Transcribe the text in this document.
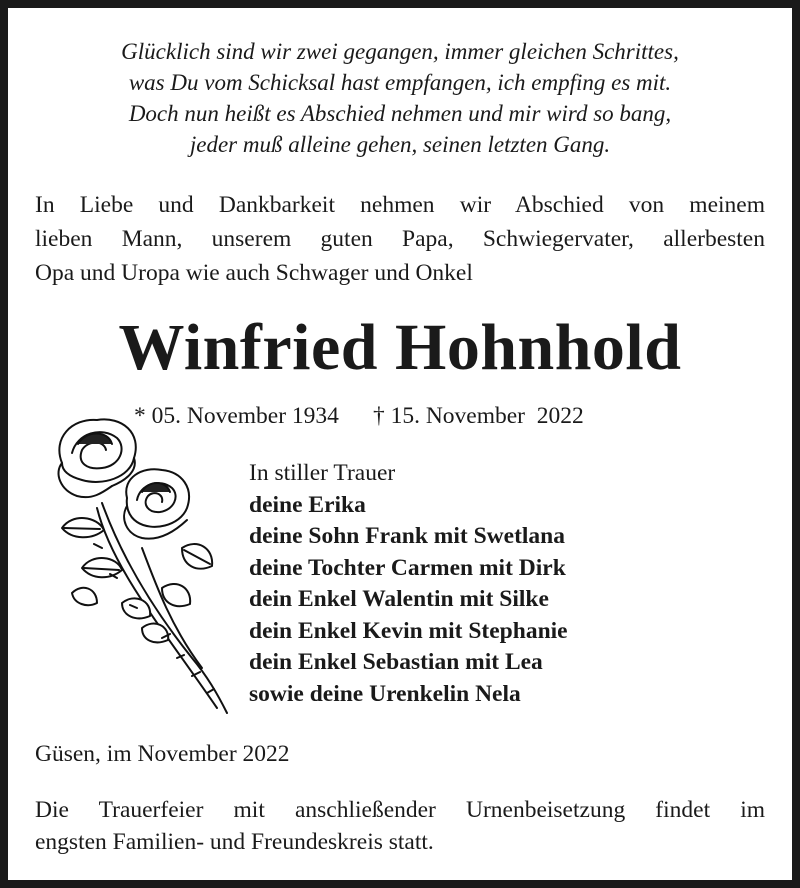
Glücklich sind wir zwei gegangen, immer gleichen Schrittes,
was Du vom Schicksal hast empfangen, ich empfing es mit.
Doch nun heißt es Abschied nehmen und mir wird so bang,
jeder muß alleine gehen, seinen letzten Gang.
In Liebe und Dankbarkeit nehmen wir Abschied von meinem
lieben Mann, unserem guten Papa, Schwiegervater, allerbesten
Opa und Uropa wie auch Schwager und Onkel
Winfried Hohnhold
* 05. November 1934 † 15. November  2022
In stiller Trauer
deine Erika
deine Sohn Frank mit Swetlana
deine Tochter Carmen mit Dirk
dein Enkel Walentin mit Silke
dein Enkel Kevin mit Stephanie
dein Enkel Sebastian mit Lea
sowie deine Urenkelin Nela
Güsen, im November 2022
Die Trauerfeier mit anschließender Urnenbeisetzung findet im
engsten Familien- und Freundeskreis statt.
